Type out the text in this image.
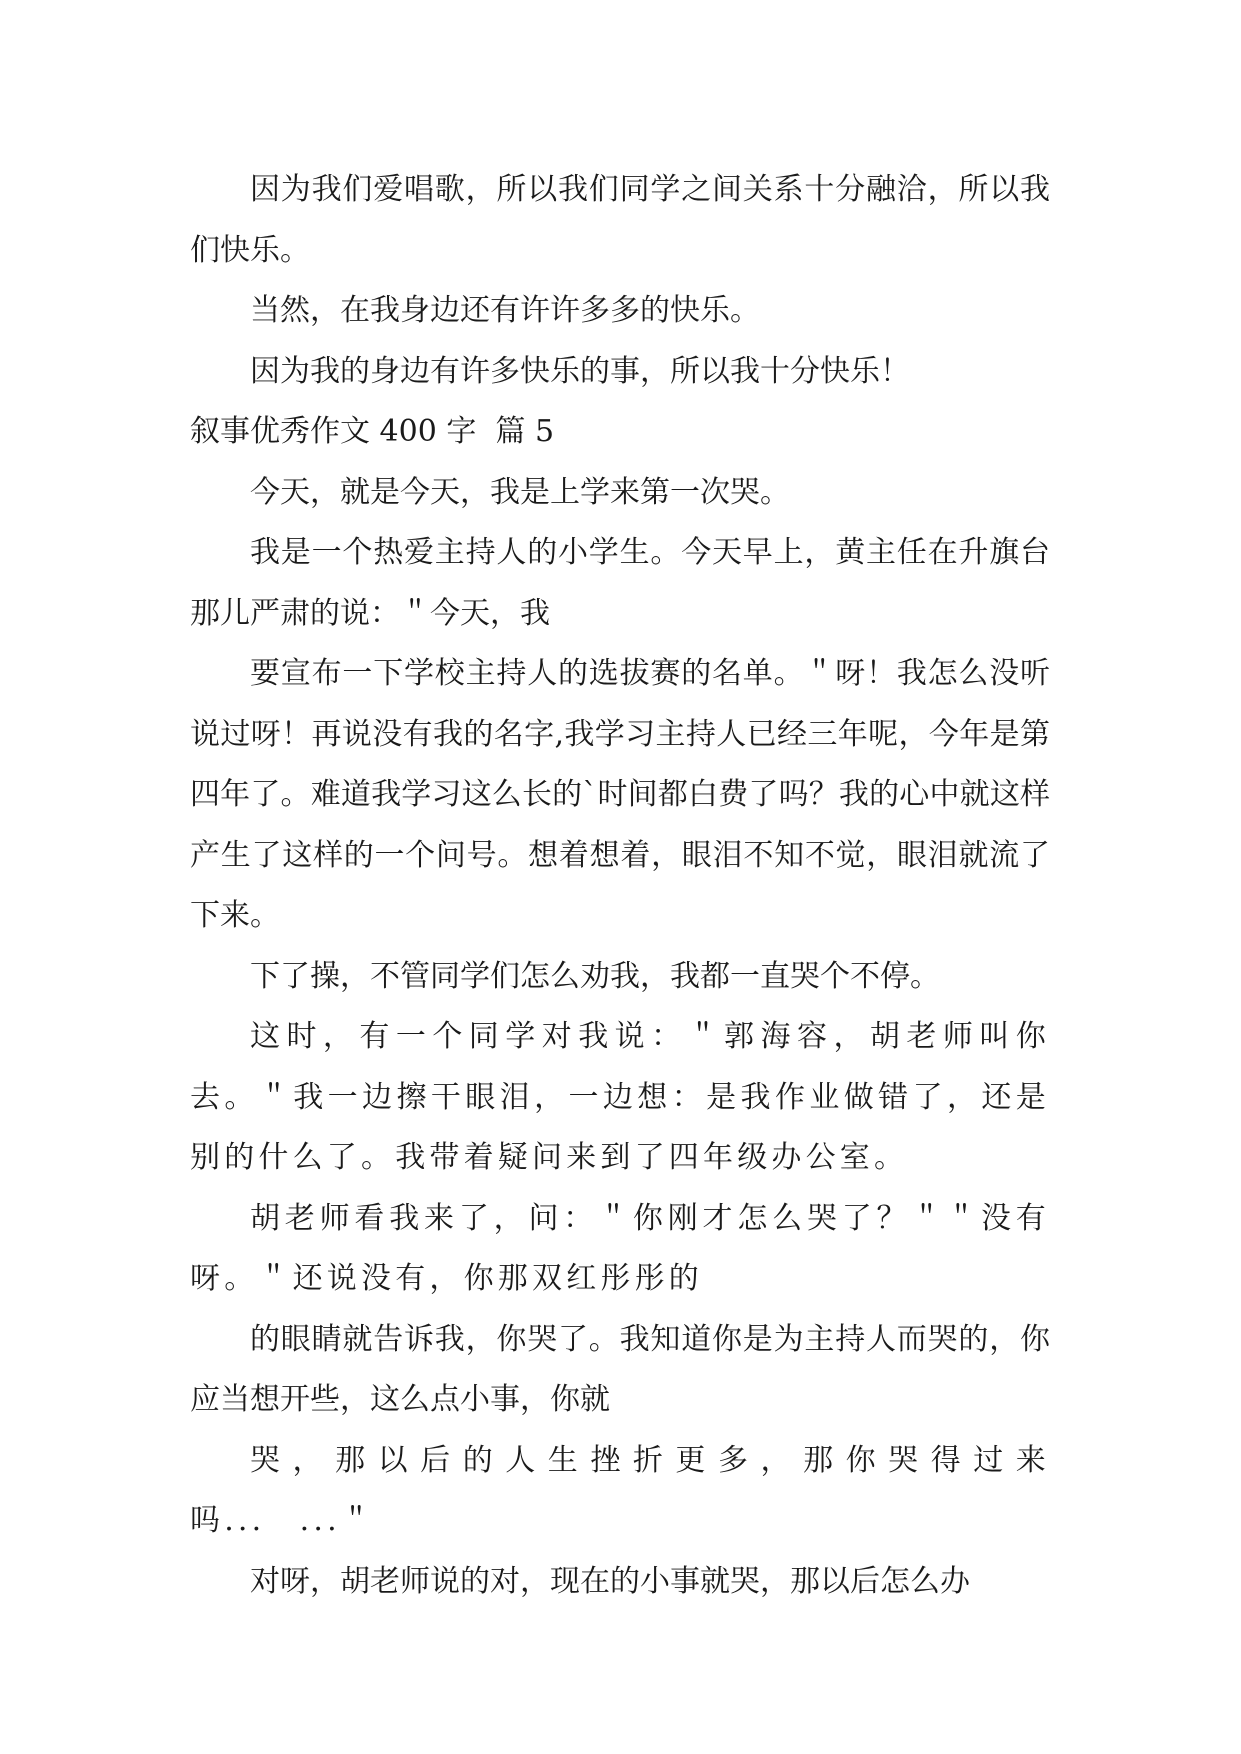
因为我们爱唱歌，所以我们同学之间关系十分融洽，所以我们快乐。

当然，在我身边还有许许多多的快乐。

因为我的身边有许多快乐的事，所以我十分快乐！

叙事优秀作文 400 字  篇 5

今天，就是今天，我是上学来第一次哭。

我是一个热爱主持人的小学生。今天早上，黄主任在升旗台那儿严肃的说：＂今天，我

要宣布一下学校主持人的选拔赛的名单。＂呀！我怎么没听说过呀！再说没有我的名字,我学习主持人已经三年呢，今年是第四年了。难道我学习这么长的`时间都白费了吗？我的心中就这样产生了这样的一个问号。想着想着，眼泪不知不觉，眼泪就流了下来。

下了操，不管同学们怎么劝我，我都一直哭个不停。

这时，有一个同学对我说：＂郭海容，胡老师叫你去。＂我一边擦干眼泪，一边想：是我作业做错了，还是别的什么了。我带着疑问来到了四年级办公室。

胡老师看我来了，问：＂你刚才怎么哭了？＂＂没有呀。＂还说没有，你那双红彤彤的

的眼睛就告诉我，你哭了。我知道你是为主持人而哭的，你应当想开些，这么点小事，你就

哭，那以后的人生挫折更多，那你哭得过来吗...　...＂

对呀，胡老师说的对，现在的小事就哭，那以后怎么办
